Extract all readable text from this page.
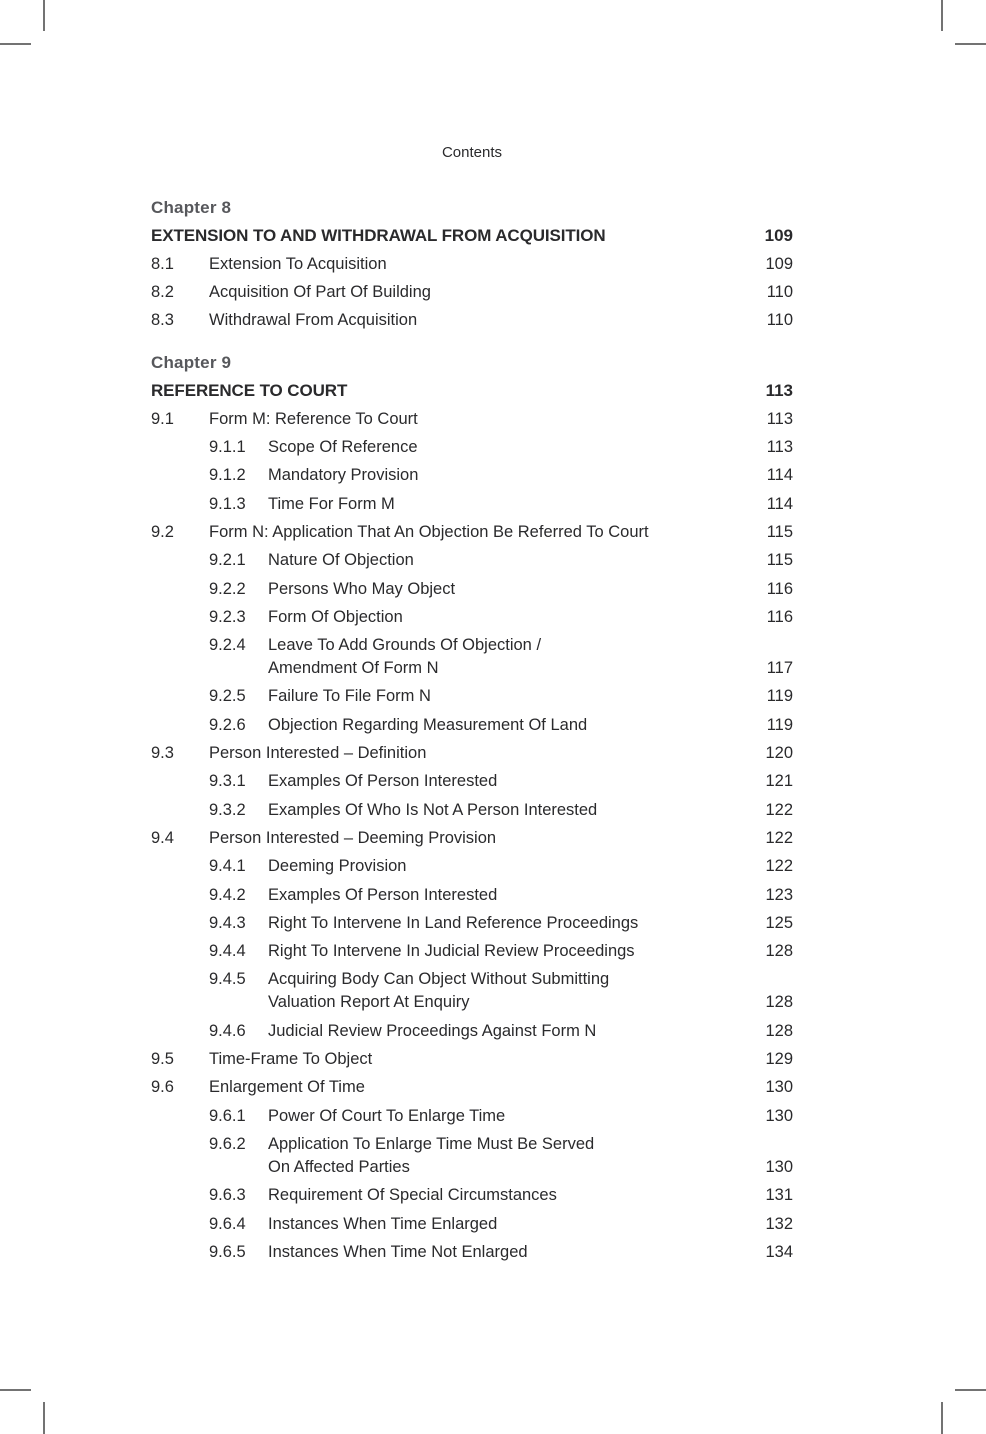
Contents
Chapter 8
EXTENSION TO AND WITHDRAWAL FROM ACQUISITION	109
8.1	Extension To Acquisition	109
8.2	Acquisition Of Part Of Building	110
8.3	Withdrawal From Acquisition	110
Chapter 9
REFERENCE TO COURT	113
9.1	Form M: Reference To Court	113
9.1.1	Scope Of Reference	113
9.1.2	Mandatory Provision	114
9.1.3	Time For Form M	114
9.2	Form N: Application That An Objection Be Referred To Court	115
9.2.1	Nature Of Objection	115
9.2.2	Persons Who May Object	116
9.2.3	Form Of Objection	116
9.2.4	Leave To Add Grounds Of Objection /
Amendment Of Form N	117
9.2.5	Failure To File Form N	119
9.2.6	Objection Regarding Measurement Of Land	119
9.3	Person Interested – Definition	120
9.3.1	Examples Of Person Interested	121
9.3.2	Examples Of Who Is Not A Person Interested	122
9.4	Person Interested – Deeming Provision	122
9.4.1	Deeming Provision	122
9.4.2	Examples Of Person Interested	123
9.4.3	Right To Intervene In Land Reference Proceedings	125
9.4.4	Right To Intervene In Judicial Review Proceedings	128
9.4.5	Acquiring Body Can Object Without Submitting
Valuation Report At Enquiry	128
9.4.6	Judicial Review Proceedings Against Form N	128
9.5	Time-Frame To Object	129
9.6	Enlargement Of Time	130
9.6.1	Power Of Court To Enlarge Time	130
9.6.2	Application To Enlarge Time Must Be Served
On Affected Parties	130
9.6.3	Requirement Of Special Circumstances	131
9.6.4	Instances When Time Enlarged	132
9.6.5	Instances When Time Not Enlarged	134
